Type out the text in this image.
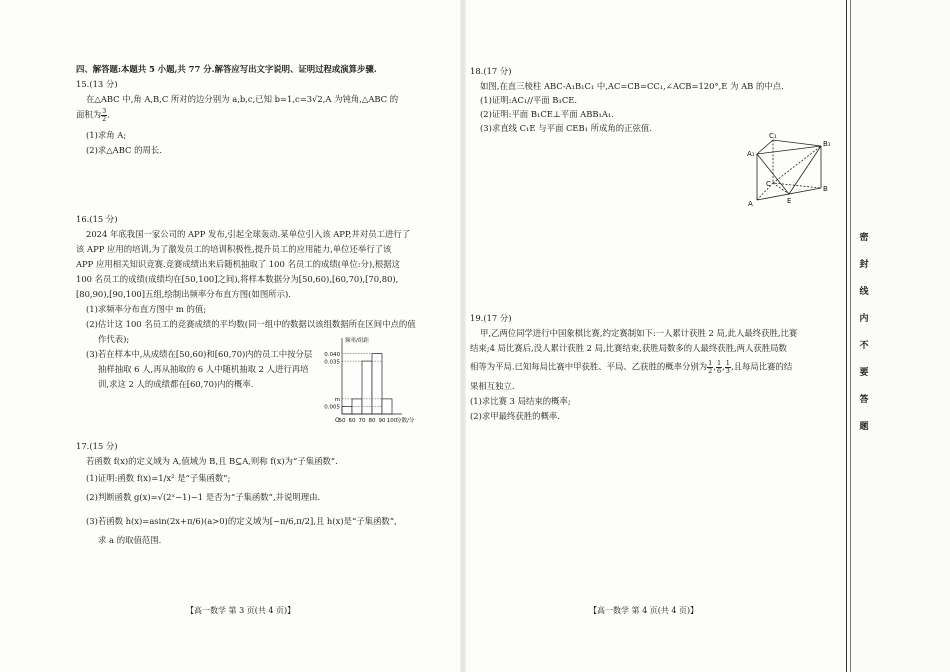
四、解答题:本题共 5 小题,共 77 分.解答应写出文字说明、证明过程或演算步骤.
15.(13 分)
在△ABC 中,角 A,B,C 所对的边分别为 a,b,c,已知 b=1,c=3√2,A 为钝角,△ABC 的
面积为 $\frac{3}{2}$ .
(1)求角 A;
(2)求△ABC 的周长.
16.(15 分)
2024 年底我国一家公司的 APP 发布,引起全球轰动.某单位引入该 APP,并对员工进行了
该 APP 应用的培训,为了激发员工的培训积极性,提升员工的应用能力,单位还举行了该
APP 应用相关知识竞赛.竞赛成绩出来后随机抽取了 100 名员工的成绩(单位:分),根据这
100 名员工的成绩(成绩均在[50,100]之间),将样本数据分为[50,60),[60,70),[70,80),
[80,90),[90,100]五组,绘制出频率分布直方图(如图所示).
(1)求频率分布直方图中 m 的值;
(2)估计这 100 名员工的竞赛成绩的平均数(同一组中的数据以该组数据所在区间中点的值
作代表);
(3)若在样本中,从成绩在[50,60)和[60,70)内的员工中按分层
抽样抽取 6 人,再从抽取的 6 人中随机抽取 2 人进行再培
训,求这 2 人的成绩都在[60,70)内的概率.
0.040
0.035
m
0.005
50 60 70 80 90 100
O
频率/组距
分数/分
17.(15 分)
若函数 f(x)的定义域为 A,值域为 B,且 B⊆A,则称 f(x)为“子集函数”.
(1)证明:函数 f(x)=1/x² 是“子集函数”;
(2)判断函数 g(x)=√(2ˣ−1)−1 是否为“子集函数”,并说明理由.
(3)若函数 h(x)=asin(2x+π/6)(a>0)的定义域为[−π/6,π/2],且 h(x)是“子集函数”,
求 a 的取值范围.
【高一数学 第 3 页(共 4 页)】
18.(17 分)
如图,在直三棱柱 ABC-A₁B₁C₁ 中,AC=CB=CC₁,∠ACB=120°,E 为 AB 的中点.
(1)证明:AC₁//平面 B₁CE.
(2)证明:平面 B₁CE⊥平面 ABB₁A₁.
(3)求直线 C₁E 与平面 CEB₁ 所成角的正弦值.
C₁
B₁
A₁
C
B
A	E
19.(17 分)
甲,乙两位同学进行中国象棋比赛,约定赛制如下:一人累计获胜 2 局,此人最终获胜,比赛
结束;4 局比赛后,没人累计获胜 2 局,比赛结束,获胜局数多的人最终获胜,两人获胜局数
相等为平局.已知每局比赛中甲获胜、平局、乙获胜的概率分别为 $\frac{1}{2}$ , $\frac{1}{6}$ , $\frac{1}{3}$ ,且每局比赛的结
果相互独立.
(1)求比赛 3 局结束的概率;
(2)求甲最终获胜的概率.
【高一数学 第 4 页(共 4 页)】
密
封
线
内
不
要
答
题
